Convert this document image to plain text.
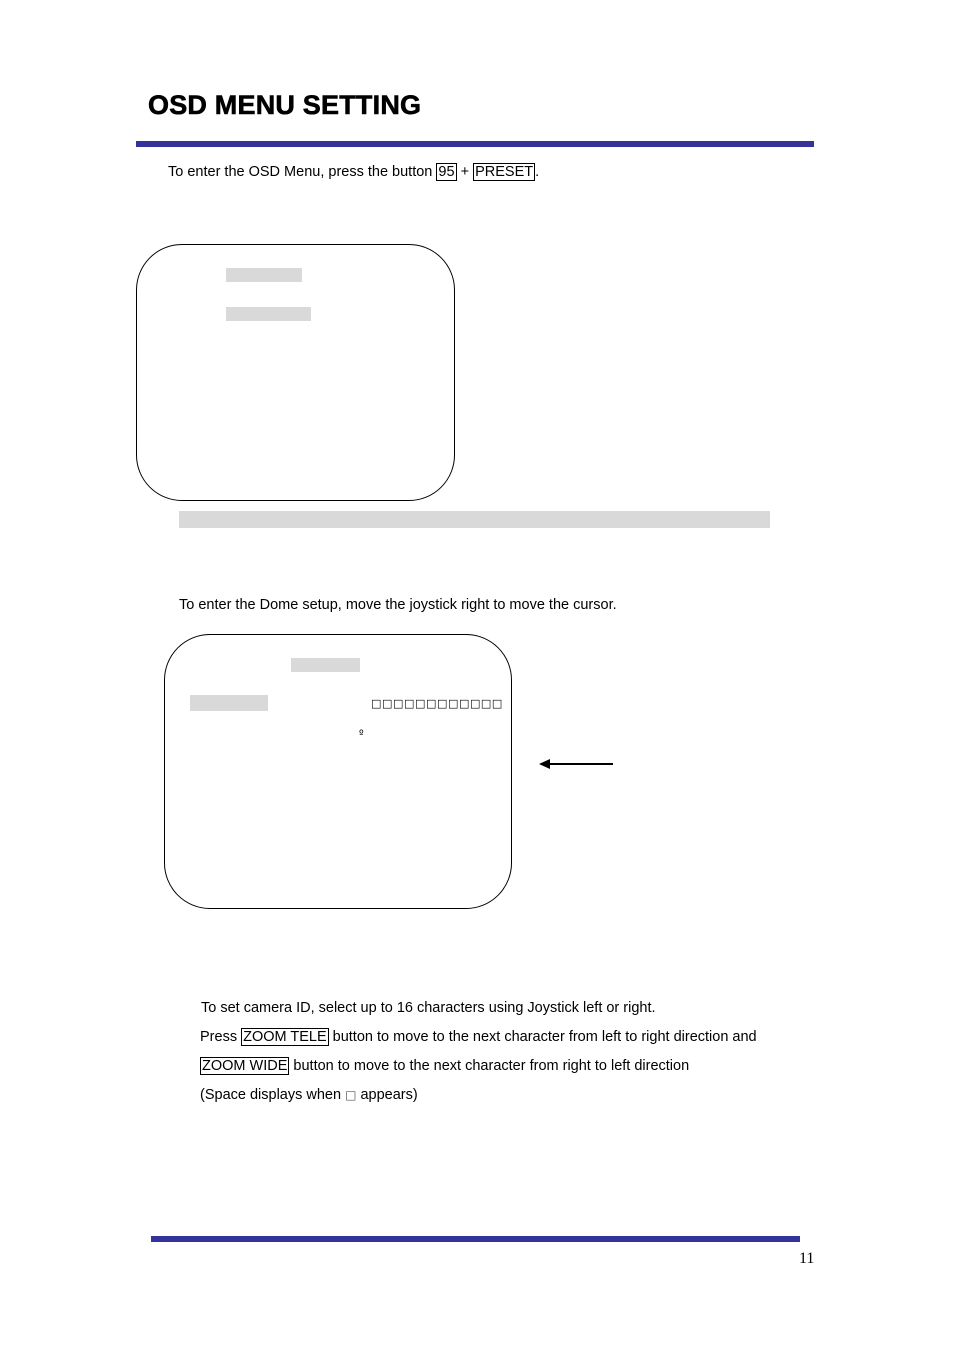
OSD MENU SETTING
To enter the OSD Menu, press the button 95 + PRESET .
To enter the Dome setup, move the joystick right to move the cursor.
□□□□□□□□□□□□
º
To set camera ID, select up to 16 characters using Joystick left or right.
Press ZOOM TELE button to move to the next character from left to right direction and
ZOOM WIDE button to move to the next character from right to left direction
(Space displays when □ appears)
11
